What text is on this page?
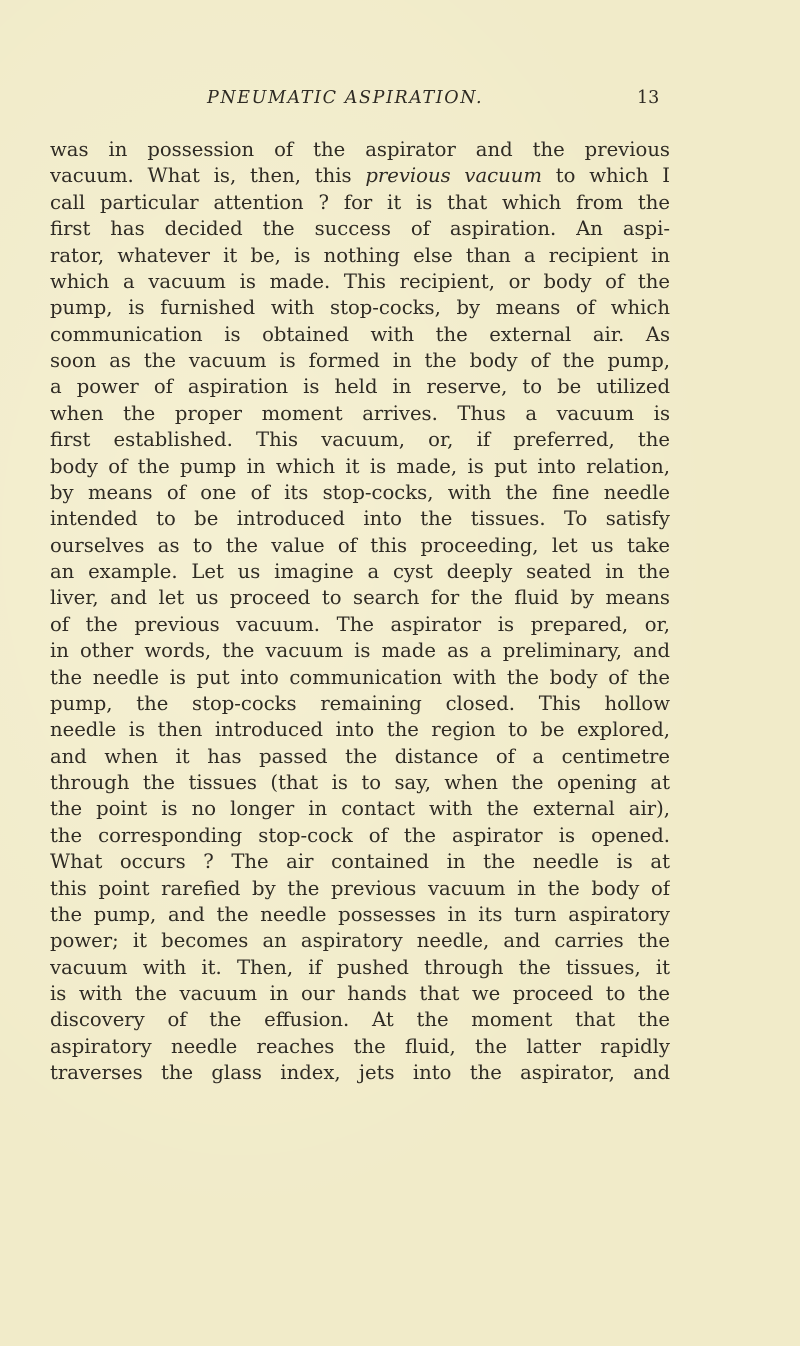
PNEUMATIC ASPIRATION.	13
was in possession of the aspirator and the previous
vacuum. What is, then, this previous vacuum to which I
call particular attention ? for it is that which from the
first has decided the success of aspiration. An aspi-
rator, whatever it be, is nothing else than a recipient in
which a vacuum is made. This recipient, or body of the
pump, is furnished with stop-cocks, by means of which
communication is obtained with the external air. As
soon as the vacuum is formed in the body of the pump,
a power of aspiration is held in reserve, to be utilized
when the proper moment arrives. Thus a vacuum is
first established. This vacuum, or, if preferred, the
body of the pump in which it is made, is put into relation,
by means of one of its stop-cocks, with the fine needle
intended to be introduced into the tissues. To satisfy
ourselves as to the value of this proceeding, let us take
an example. Let us imagine a cyst deeply seated in the
liver, and let us proceed to search for the fluid by means
of the previous vacuum. The aspirator is prepared, or,
in other words, the vacuum is made as a preliminary, and
the needle is put into communication with the body of the
pump, the stop-cocks remaining closed. This hollow
needle is then introduced into the region to be explored,
and when it has passed the distance of a centimetre
through the tissues (that is to say, when the opening at
the point is no longer in contact with the external air),
the corresponding stop-cock of the aspirator is opened.
What occurs ? The air contained in the needle is at
this point rarefied by the previous vacuum in the body of
the pump, and the needle possesses in its turn aspiratory
power; it becomes an aspiratory needle, and carries the
vacuum with it. Then, if pushed through the tissues, it
is with the vacuum in our hands that we proceed to the
discovery of the effusion. At the moment that the
aspiratory needle reaches the fluid, the latter rapidly
traverses the glass index, jets into the aspirator, and
